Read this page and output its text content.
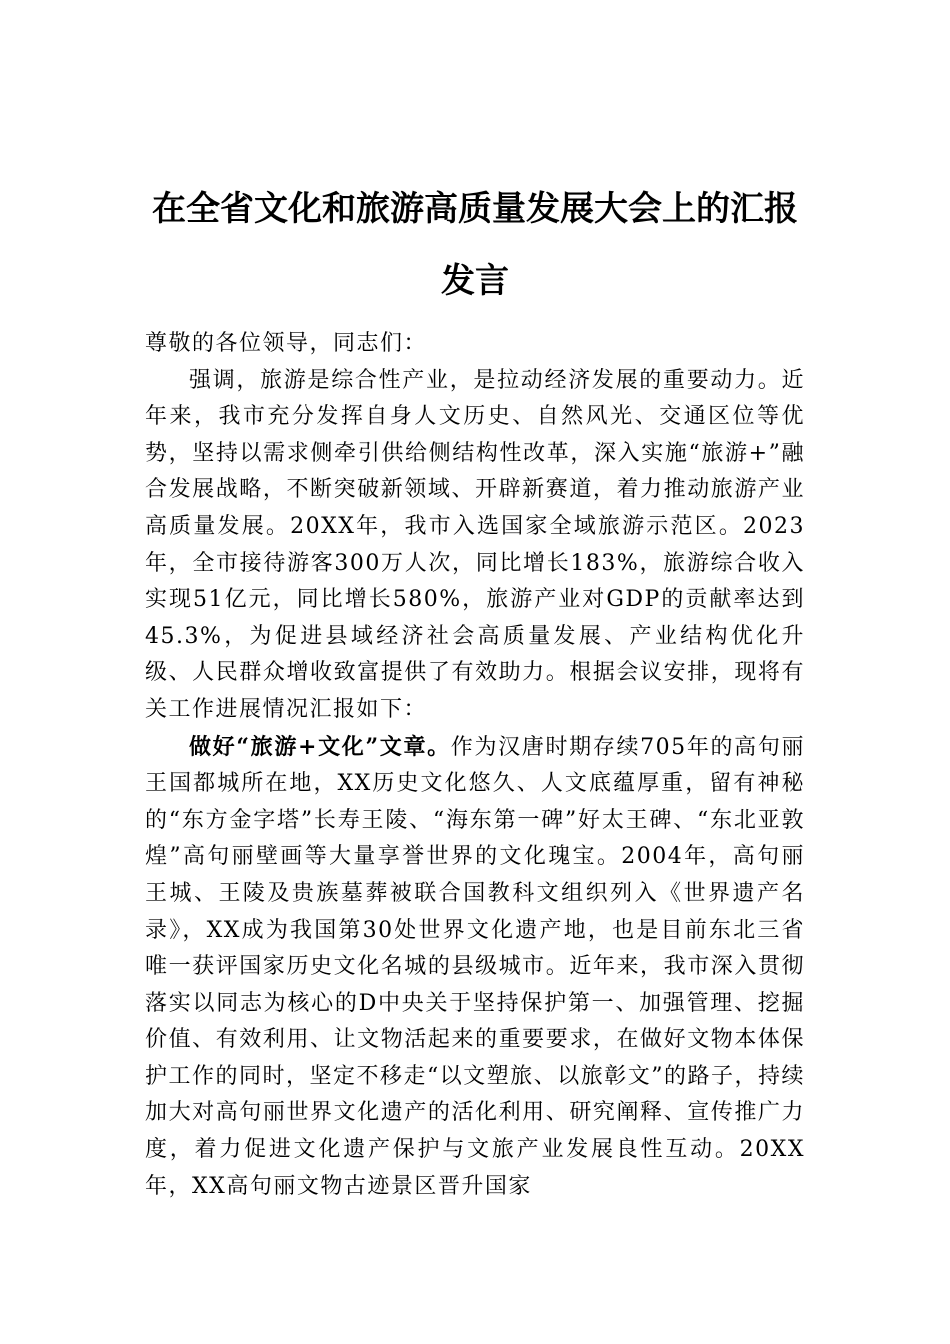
在全省文化和旅游高质量发展大会上的汇报发言

尊敬的各位领导，同志们：

强调，旅游是综合性产业，是拉动经济发展的重要动力。近年来，我市充分发挥自身人文历史、自然风光、交通区位等优势，坚持以需求侧牵引供给侧结构性改革，深入实施“旅游+”融合发展战略，不断突破新领域、开辟新赛道，着力推动旅游产业高质量发展。20XX年，我市入选国家全域旅游示范区。2023年，全市接待游客300万人次，同比增长183%，旅游综合收入实现51亿元，同比增长580%，旅游产业对GDP的贡献率达到45.3%，为促进县域经济社会高质量发展、产业结构优化升级、人民群众增收致富提供了有效助力。根据会议安排，现将有关工作进展情况汇报如下：

做好“旅游+文化”文章。作为汉唐时期存续705年的高句丽王国都城所在地，XX历史文化悠久、人文底蕴厚重，留有神秘的“东方金字塔”长寿王陵、“海东第一碑”好太王碑、“东北亚敦煌”高句丽壁画等大量享誉世界的文化瑰宝。2004年，高句丽王城、王陵及贵族墓葬被联合国教科文组织列入《世界遗产名录》，XX成为我国第30处世界文化遗产地，也是目前东北三省唯一获评国家历史文化名城的县级城市。近年来，我市深入贯彻落实以同志为核心的D中央关于坚持保护第一、加强管理、挖掘价值、有效利用、让文物活起来的重要要求，在做好文物本体保护工作的同时，坚定不移走“以文塑旅、以旅彰文”的路子，持续加大对高句丽世界文化遗产的活化利用、研究阐释、宣传推广力度，着力促进文化遗产保护与文旅产业发展良性互动。20XX年，XX高句丽文物古迹景区晋升国家
